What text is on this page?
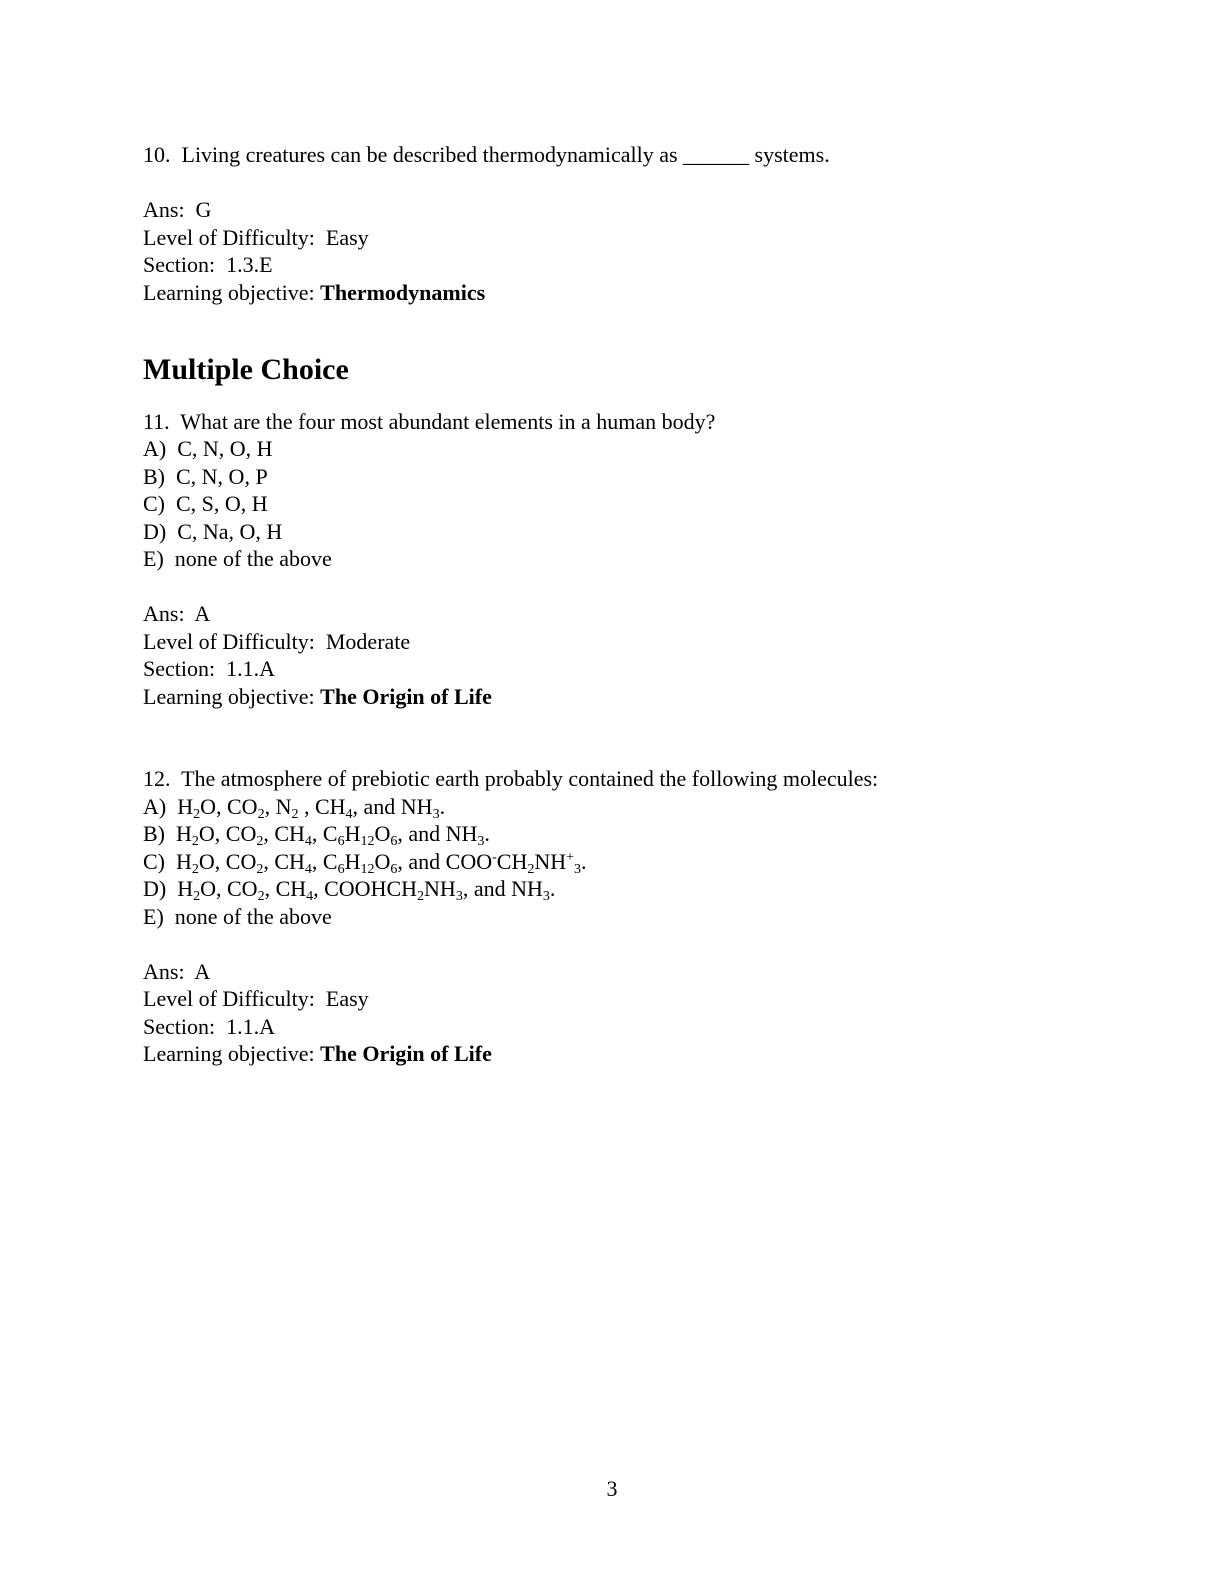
10.  Living creatures can be described thermodynamically as ______ systems.

Ans:  G

Level of Difficulty:  Easy

Section:  1.3.E

Learning objective: Thermodynamics

Multiple Choice

11.  What are the four most abundant elements in a human body?

A)  C, N, O, H

B)  C, N, O, P

C)  C, S, O, H

D)  C, Na, O, H

E)  none of the above

Ans:  A

Level of Difficulty:  Moderate

Section:  1.1.A

Learning objective: The Origin of Life

12.  The atmosphere of prebiotic earth probably contained the following molecules:

A)  $H_2O$, $CO_2$, $N_2$ , $CH_4$, and $NH_3$.

B)  $H_2O$, $CO_2$, $CH_4$, $C_6H_{12}O_6$, and $NH_3$.

C)  $H_2O$, $CO_2$, $CH_4$, $C_6H_{12}O_6$, and $COO^-CH_2NH^+_3$.

D)  $H_2O$, $CO_2$, $CH_4$, $COOHCH_2NH_3$, and $NH_3$.

E)  none of the above

Ans:  A

Level of Difficulty:  Easy

Section:  1.1.A

Learning objective: The Origin of Life

3
